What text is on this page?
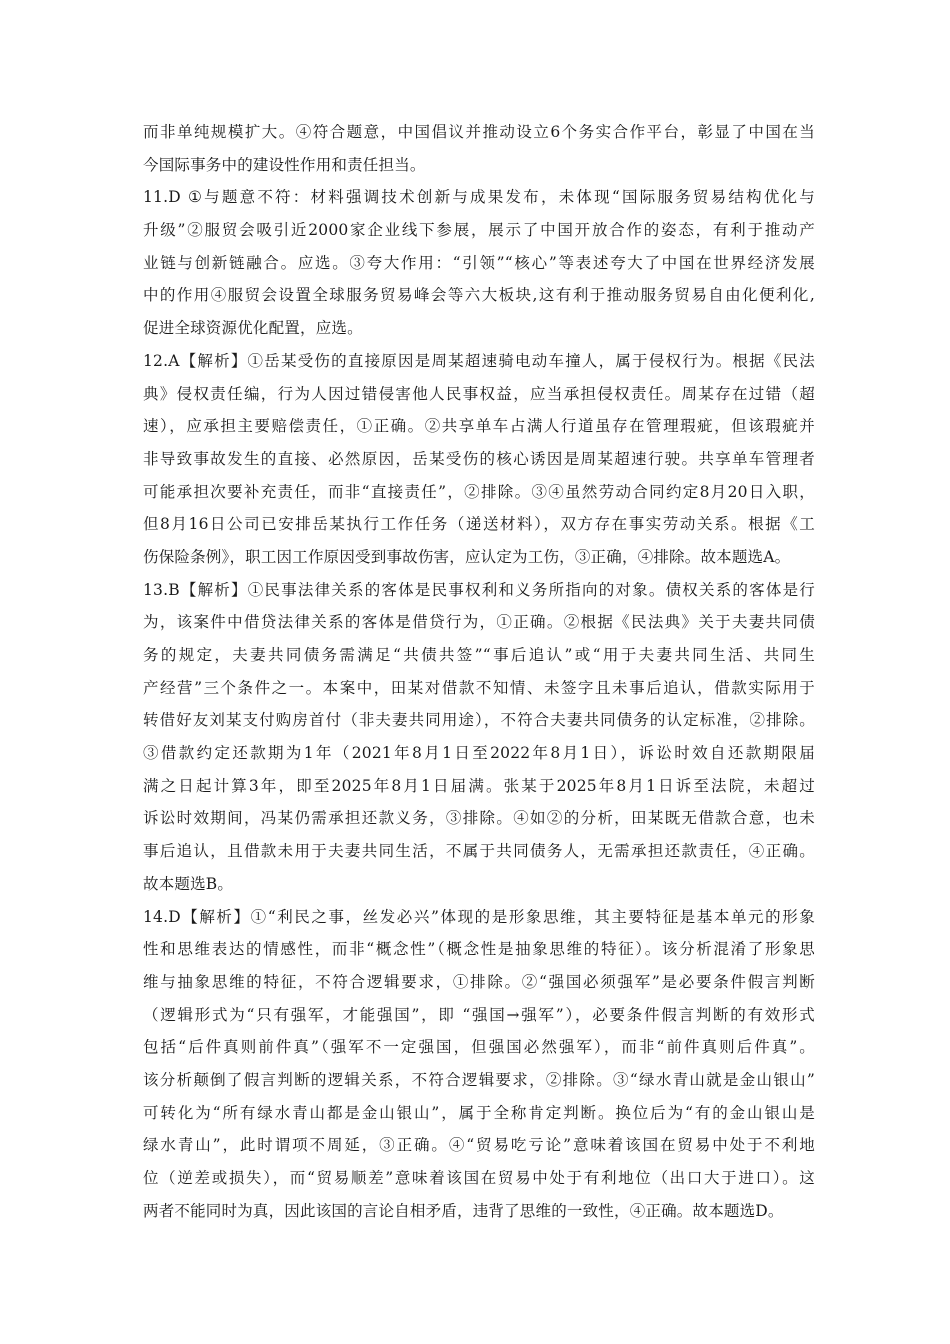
而非单纯规模扩大。④符合题意，中国倡议并推动设立6个务实合作平台，彰显了中国在当
今国际事务中的建设性作用和责任担当。
11.D ①与题意不符：材料强调技术创新与成果发布，未体现“国际服务贸易结构优化与
升级”②服贸会吸引近2000家企业线下参展，展示了中国开放合作的姿态，有利于推动产
业链与创新链融合。应选。③夸大作用：“引领”“核心”等表述夸大了中国在世界经济发展
中的作用④服贸会设置全球服务贸易峰会等六大板块,这有利于推动服务贸易自由化便利化,
促进全球资源优化配置，应选。
12.A【解析】①岳某受伤的直接原因是周某超速骑电动车撞人，属于侵权行为。根据《民法
典》侵权责任编，行为人因过错侵害他人民事权益，应当承担侵权责任。周某存在过错（超
速），应承担主要赔偿责任，①正确。②共享单车占满人行道虽存在管理瑕疵，但该瑕疵并
非导致事故发生的直接、必然原因，岳某受伤的核心诱因是周某超速行驶。共享单车管理者
可能承担次要补充责任，而非“直接责任”，②排除。③④虽然劳动合同约定8月20日入职，
但8月16日公司已安排岳某执行工作任务（递送材料），双方存在事实劳动关系。根据《工
伤保险条例》，职工因工作原因受到事故伤害，应认定为工伤，③正确，④排除。故本题选A。
13.B【解析】①民事法律关系的客体是民事权利和义务所指向的对象。债权关系的客体是行
为，该案件中借贷法律关系的客体是借贷行为，①正确。②根据《民法典》关于夫妻共同债
务的规定，夫妻共同债务需满足“共债共签”“事后追认”或“用于夫妻共同生活、共同生
产经营”三个条件之一。本案中，田某对借款不知情、未签字且未事后追认，借款实际用于
转借好友刘某支付购房首付（非夫妻共同用途），不符合夫妻共同债务的认定标准，②排除。
③借款约定还款期为1年（2021年8月1日至2022年8月1日），诉讼时效自还款期限届
满之日起计算3年，即至2025年8月1日届满。张某于2025年8月1日诉至法院，未超过
诉讼时效期间，冯某仍需承担还款义务，③排除。④如②的分析，田某既无借款合意，也未
事后追认，且借款未用于夫妻共同生活，不属于共同债务人，无需承担还款责任，④正确。
故本题选B。
14.D【解析】①“利民之事，丝发必兴”体现的是形象思维，其主要特征是基本单元的形象
性和思维表达的情感性，而非“概念性”（概念性是抽象思维的特征）。该分析混淆了形象思
维与抽象思维的特征，不符合逻辑要求，①排除。②“强国必须强军”是必要条件假言判断
（逻辑形式为“只有强军，才能强国”，即 “强国→强军”），必要条件假言判断的有效形式
包括“后件真则前件真”（强军不一定强国，但强国必然强军），而非“前件真则后件真”。
该分析颠倒了假言判断的逻辑关系，不符合逻辑要求，②排除。③“绿水青山就是金山银山”
可转化为“所有绿水青山都是金山银山”，属于全称肯定判断。换位后为“有的金山银山是
绿水青山”，此时谓项不周延，③正确。④“贸易吃亏论”意味着该国在贸易中处于不利地
位（逆差或损失），而“贸易顺差”意味着该国在贸易中处于有利地位（出口大于进口）。这
两者不能同时为真，因此该国的言论自相矛盾，违背了思维的一致性，④正确。故本题选D。
